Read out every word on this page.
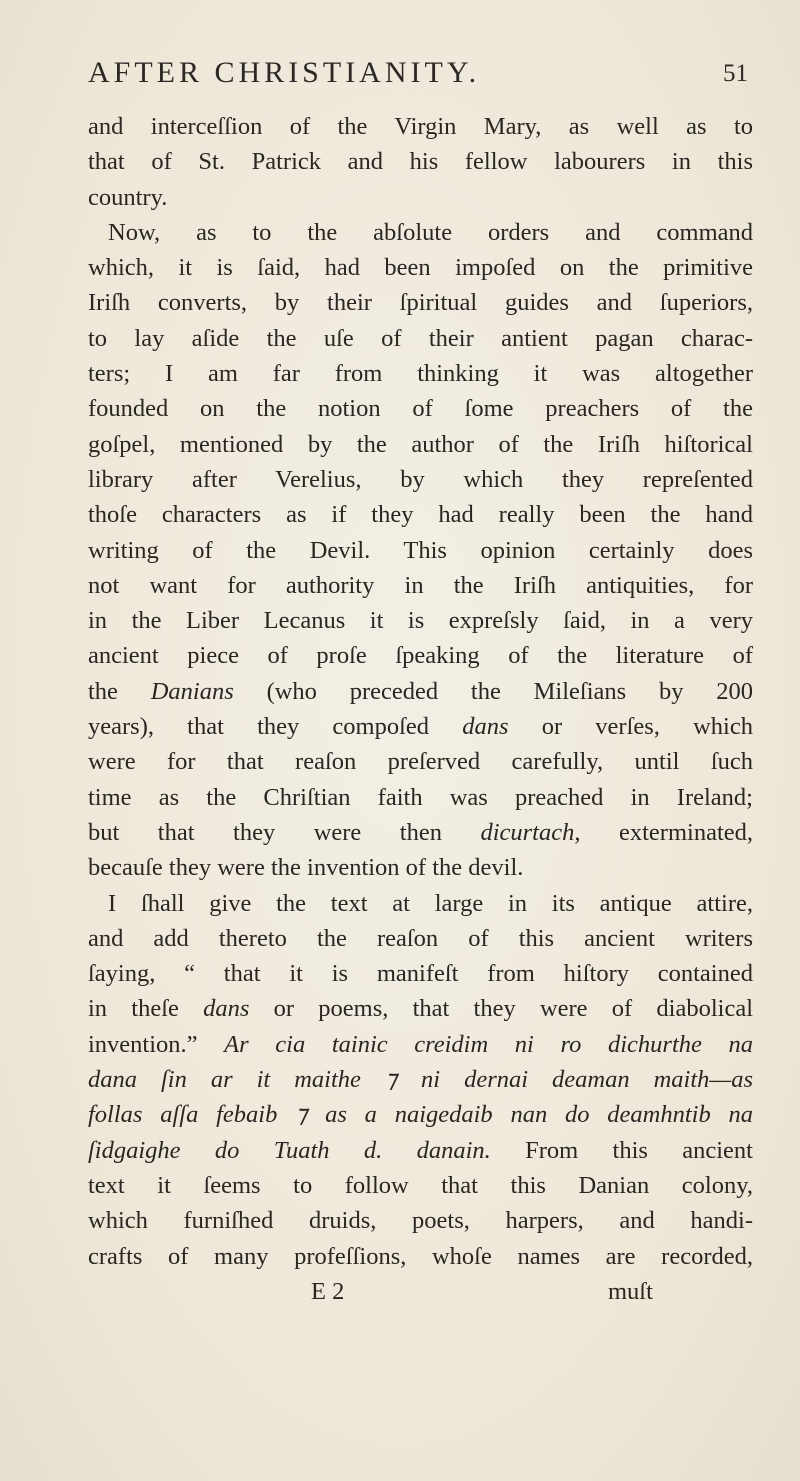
AFTER CHRISTIANITY.	51
and interceſſion of the Virgin Mary, as well as to
that of St. Patrick and his fellow labourers in this
country.
Now, as to the abſolute orders and command
which, it is ſaid, had been impoſed on the primitive
Iriſh converts, by their ſpiritual guides and ſuperiors,
to lay aſide the uſe of their antient pagan charac-
ters; I am far from thinking it was altogether
founded on the notion of ſome preachers of the
goſpel, mentioned by the author of the Iriſh hiſtorical
library after Verelius, by which they repreſented
thoſe characters as if they had really been the hand
writing of the Devil. This opinion certainly does
not want for authority in the Iriſh antiquities, for
in the Liber Lecanus it is expreſsly ſaid, in a very
ancient piece of proſe ſpeaking of the literature of
the Danians (who preceded the Mileſians by 200
years), that they compoſed dans or verſes, which
were for that reaſon preſerved carefully, until ſuch
time as the Chriſtian faith was preached in Ireland;
but that they were then dicurtach, exterminated,
becauſe they were the invention of the devil.
I ſhall give the text at large in its antique attire,
and add thereto the reaſon of this ancient writers
ſaying, “ that it is manifeſt from hiſtory contained
in theſe dans or poems, that they were of diabolical
invention.” Ar cia tainic creidim ni ro dichurthe na
dana ſin ar it maithe ⁊ ni dernai deaman maith—as
follas aſſa febaib ⁊ as a naigedaib nan do deamhntib na
ſidgaighe do Tuath d. danain. From this ancient
text it ſeems to follow that this Danian colony,
which furniſhed druids, poets, harpers, and handi-
crafts of many profeſſions, whoſe names are recorded,
E 2	muſt
